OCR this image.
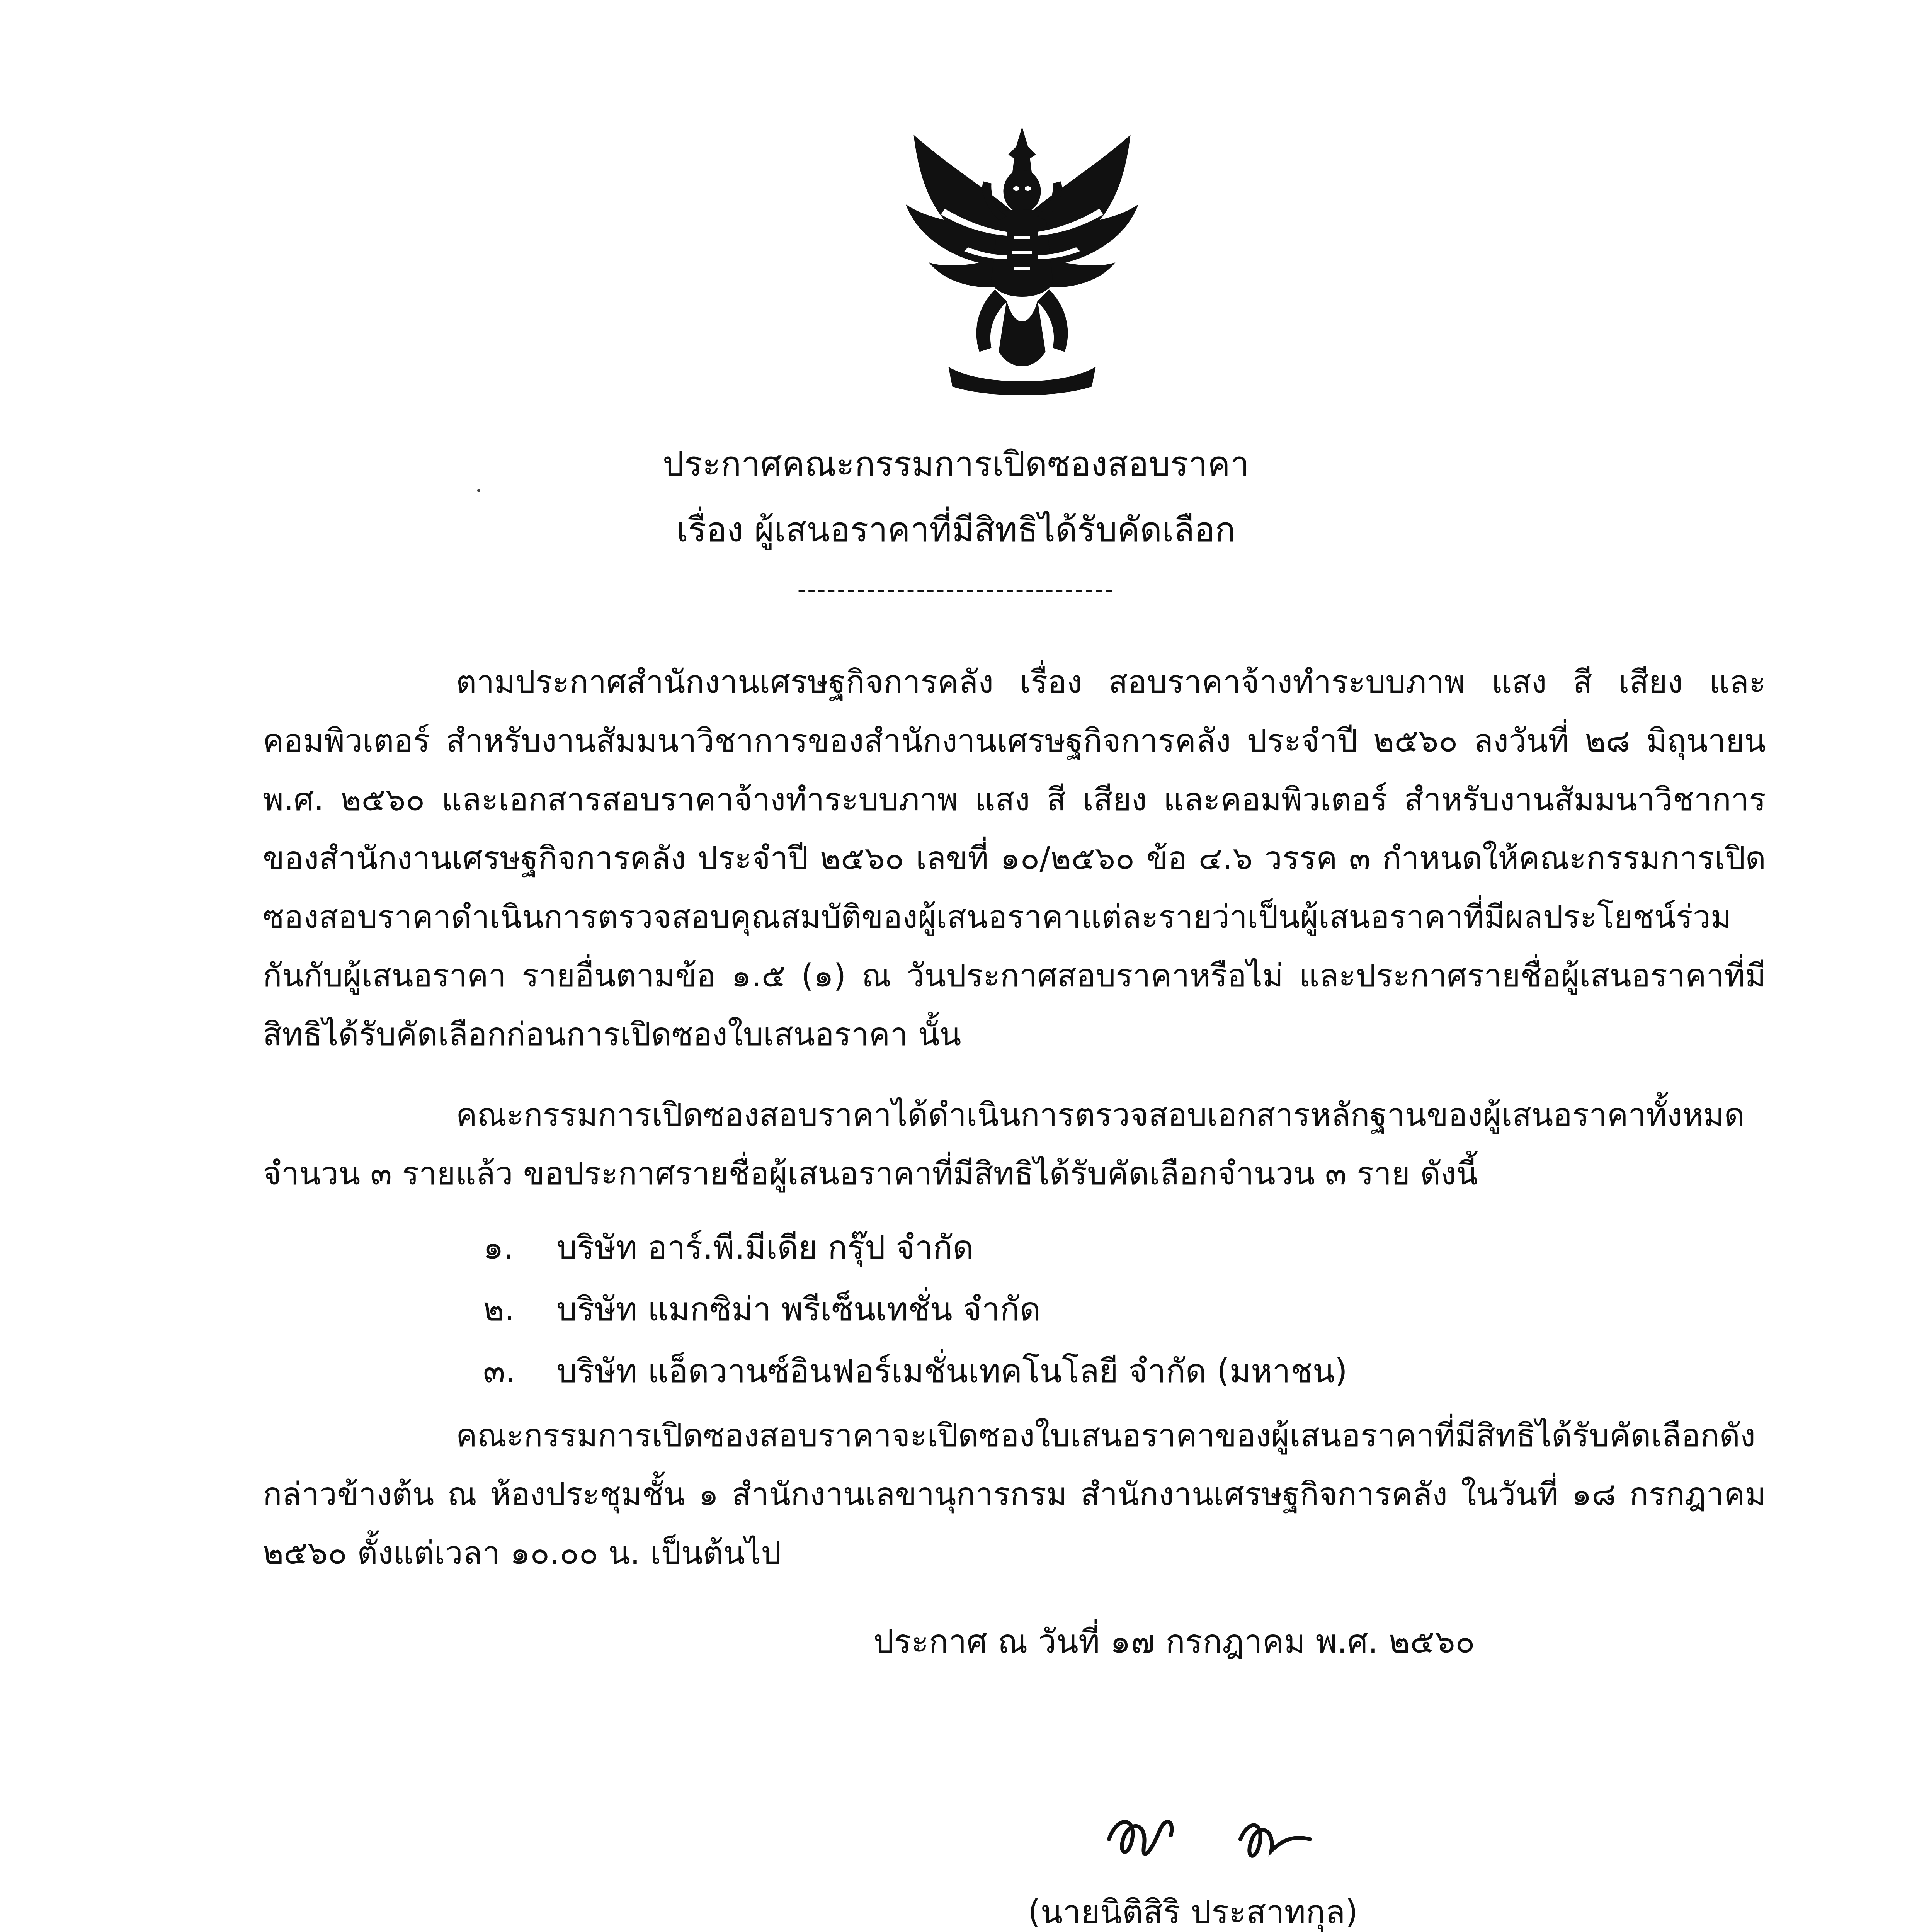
ประกาศคณะกรรมการเปิดซองสอบราคา
เรื่อง ผู้เสนอราคาที่มีสิทธิได้รับคัดเลือก
--------------------------------
ตามประกาศสำนักงานเศรษฐกิจการคลัง เรื่อง สอบราคาจ้างทำระบบภาพ แสง สี เสียง และคอมพิวเตอร์ สำหรับงานสัมมนาวิชาการของสำนักงานเศรษฐกิจการคลัง ประจำปี ๒๕๖๐ ลงวันที่ ๒๘ มิถุนายน พ.ศ. ๒๕๖๐ และเอกสารสอบราคาจ้างทำระบบภาพ แสง สี เสียง และคอมพิวเตอร์ สำหรับงานสัมมนาวิชาการของสำนักงานเศรษฐกิจการคลัง ประจำปี ๒๕๖๐ เลขที่ ๑๐/๒๕๖๐ ข้อ ๔.๖ วรรค ๓ กำหนดให้คณะกรรมการเปิดซองสอบราคาดำเนินการตรวจสอบคุณสมบัติของผู้เสนอราคาแต่ละรายว่าเป็นผู้เสนอราคาที่มีผลประโยชน์ร่วมกันกับผู้เสนอราคา รายอื่นตามข้อ ๑.๕ (๑) ณ วันประกาศสอบราคาหรือไม่ และประกาศรายชื่อผู้เสนอราคาที่มีสิทธิได้รับคัดเลือกก่อนการเปิดซองใบเสนอราคา นั้น
คณะกรรมการเปิดซองสอบราคาได้ดำเนินการตรวจสอบเอกสารหลักฐานของผู้เสนอราคาทั้งหมดจำนวน ๓ รายแล้ว ขอประกาศรายชื่อผู้เสนอราคาที่มีสิทธิได้รับคัดเลือกจำนวน ๓ ราย ดังนี้
๑. บริษัท อาร์.พี.มีเดีย กรุ๊ป จำกัด
๒. บริษัท แมกซิม่า พรีเซ็นเทชั่น จำกัด
๓. บริษัท แอ็ดวานซ์อินฟอร์เมชั่นเทคโนโลยี จำกัด (มหาชน)
คณะกรรมการเปิดซองสอบราคาจะเปิดซองใบเสนอราคาของผู้เสนอราคาที่มีสิทธิได้รับคัดเลือกดังกล่าวข้างต้น ณ ห้องประชุมชั้น ๑ สำนักงานเลขานุการกรม สำนักงานเศรษฐกิจการคลัง ในวันที่ ๑๘ กรกฎาคม ๒๕๖๐ ตั้งแต่เวลา ๑๐.๐๐ น. เป็นต้นไป
ประกาศ ณ วันที่ ๑๗ กรกฎาคม พ.ศ. ๒๕๖๐
(นายนิติสิริ ประสาทกุล)
